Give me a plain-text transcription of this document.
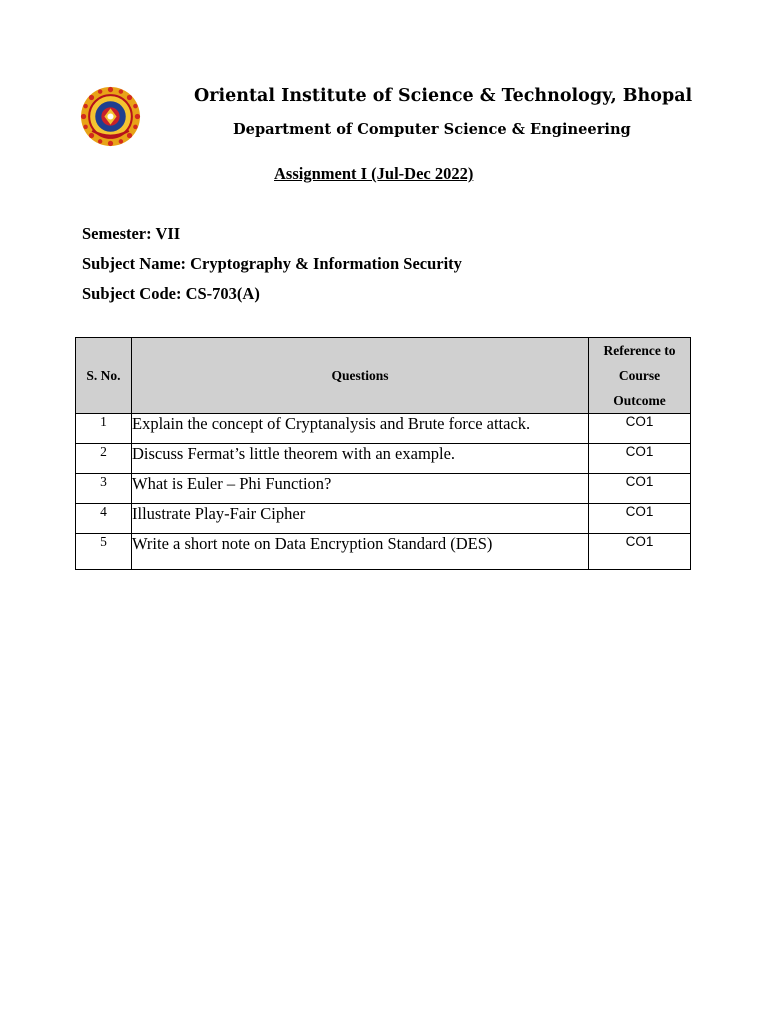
Oriental Institute of Science & Technology, Bhopal
Department of Computer Science & Engineering
Assignment I (Jul-Dec 2022)
Semester: VII
Subject Name: Cryptography & Information Security
Subject Code: CS-703(A)
S. No.	Questions	Reference to
Course
Outcome

1	Explain the concept of Cryptanalysis and Brute force attack.	CO1
2	Discuss Fermat’s little theorem with an example.	CO1
3	What is Euler – Phi Function?	CO1
4	Illustrate Play-Fair Cipher	CO1
5	Write a short note on Data Encryption Standard (DES)	CO1
